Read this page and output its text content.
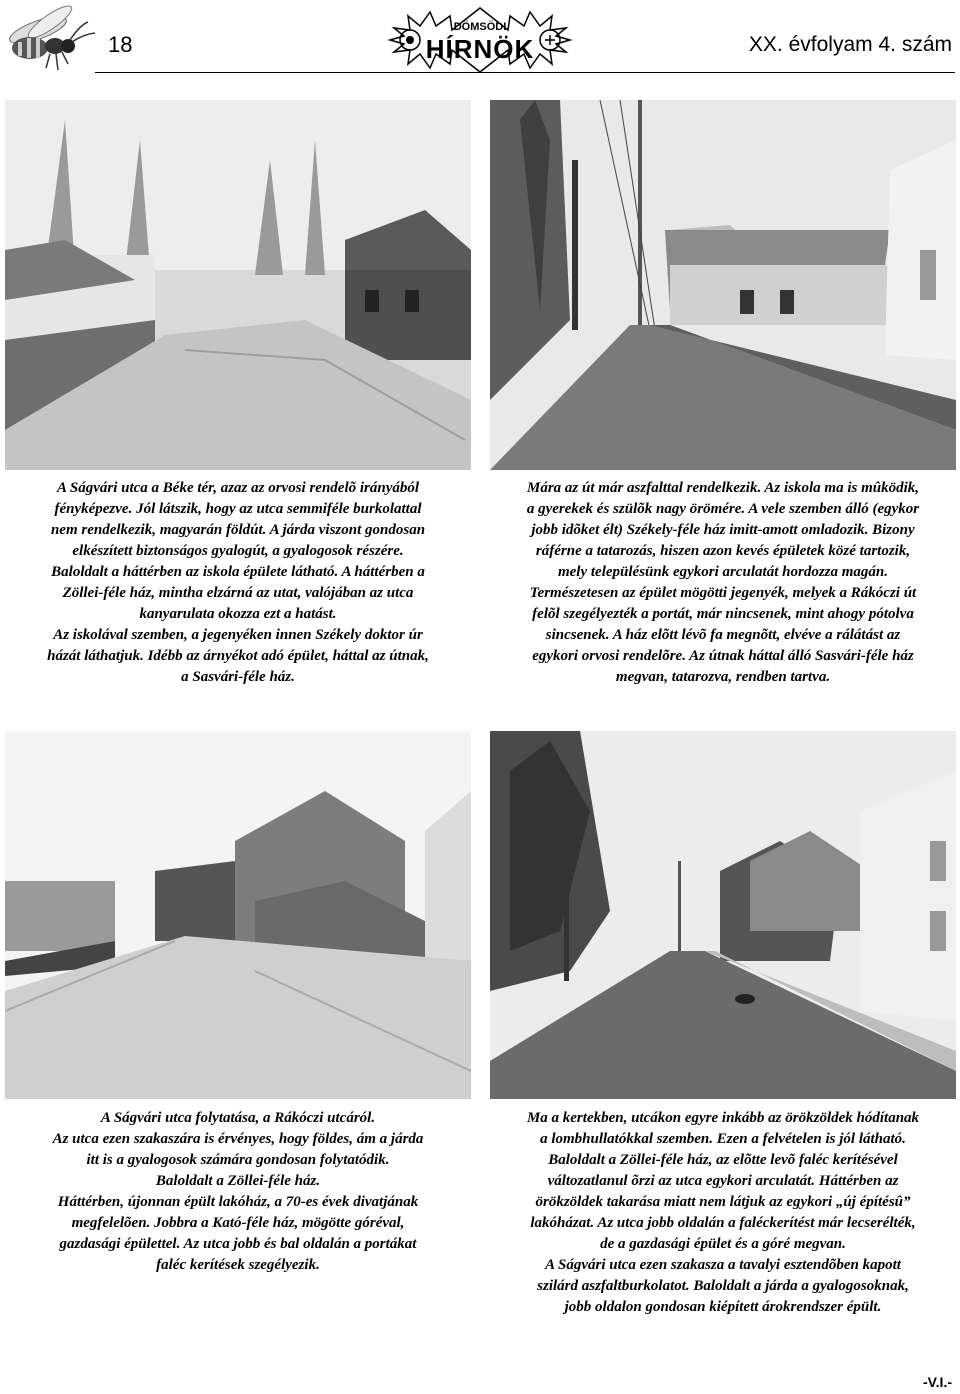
18
DÖMSÖDI
HÍRNÖK	XX. évfolyam 4. szám

A Ságvári utca a Béke tér, azaz az orvosi rendelõ irányából

fényképezve. Jól látszik, hogy az utca semmiféle burkolattal

nem rendelkezik, magyarán földút. A járda viszont gondosan

elkészített biztonságos gyalogút, a gyalogosok részére.

Baloldalt a háttérben az iskola épülete látható. A háttérben a

Zöllei-féle ház, mintha elzárná az utat, valójában az utca

kanyarulata okozza ezt a hatást.

Az iskolával szemben, a jegenyéken innen Székely doktor úr

házát láthatjuk. Idébb az árnyékot adó épület, háttal az útnak,

a Sasvári-féle ház.

Mára az út már aszfalttal rendelkezik. Az iskola ma is mûködik,

a gyerekek és szülõk nagy örömére. A vele szemben álló (egykor

jobb idõket élt) Székely-féle ház imitt-amott omladozik. Bizony

ráférne a tatarozás, hiszen azon kevés épületek közé tartozik,

mely településünk egykori arculatát hordozza magán.

Természetesen az épület mögötti jegenyék, melyek a Rákóczi út

felõl szegélyezték a portát, már nincsenek, mint ahogy pótolva

sincsenek. A ház elõtt lévõ fa megnõtt, elvéve a rálátást az

egykori orvosi rendelõre. Az útnak háttal álló Sasvári-féle ház

megvan, tatarozva, rendben tartva.

A Ságvári utca folytatása, a Rákóczi utcáról.

Az utca ezen szakaszára is érvényes, hogy földes, ám a járda

itt is a gyalogosok számára gondosan folytatódik.

Baloldalt a Zöllei-féle ház.

Háttérben, újonnan épült lakóház, a 70-es évek divatjának

megfelelõen. Jobbra a Kató-féle ház, mögötte góréval,

gazdasági épülettel. Az utca jobb és bal oldalán a portákat

faléc kerítések szegélyezik.

Ma a kertekben, utcákon egyre inkább az örökzöldek hódítanak

a lombhullatókkal szemben. Ezen a felvételen is jól látható.

Baloldalt a Zöllei-féle ház, az elõtte levõ faléc kerítésével

változatlanul õrzi az utca egykori arculatát. Háttérben az

örökzöldek takarása miatt nem látjuk az egykori „új építésû”

lakóházat. Az utca jobb oldalán a faléckerítést már lecserélték,

de a gazdasági épület és a góré megvan.

A Ságvári utca ezen szakasza a tavalyi esztendõben kapott

szilárd aszfaltburkolatot. Baloldalt a járda a gyalogosoknak,

jobb oldalon gondosan kiépített árokrendszer épült.

-V.I.-
